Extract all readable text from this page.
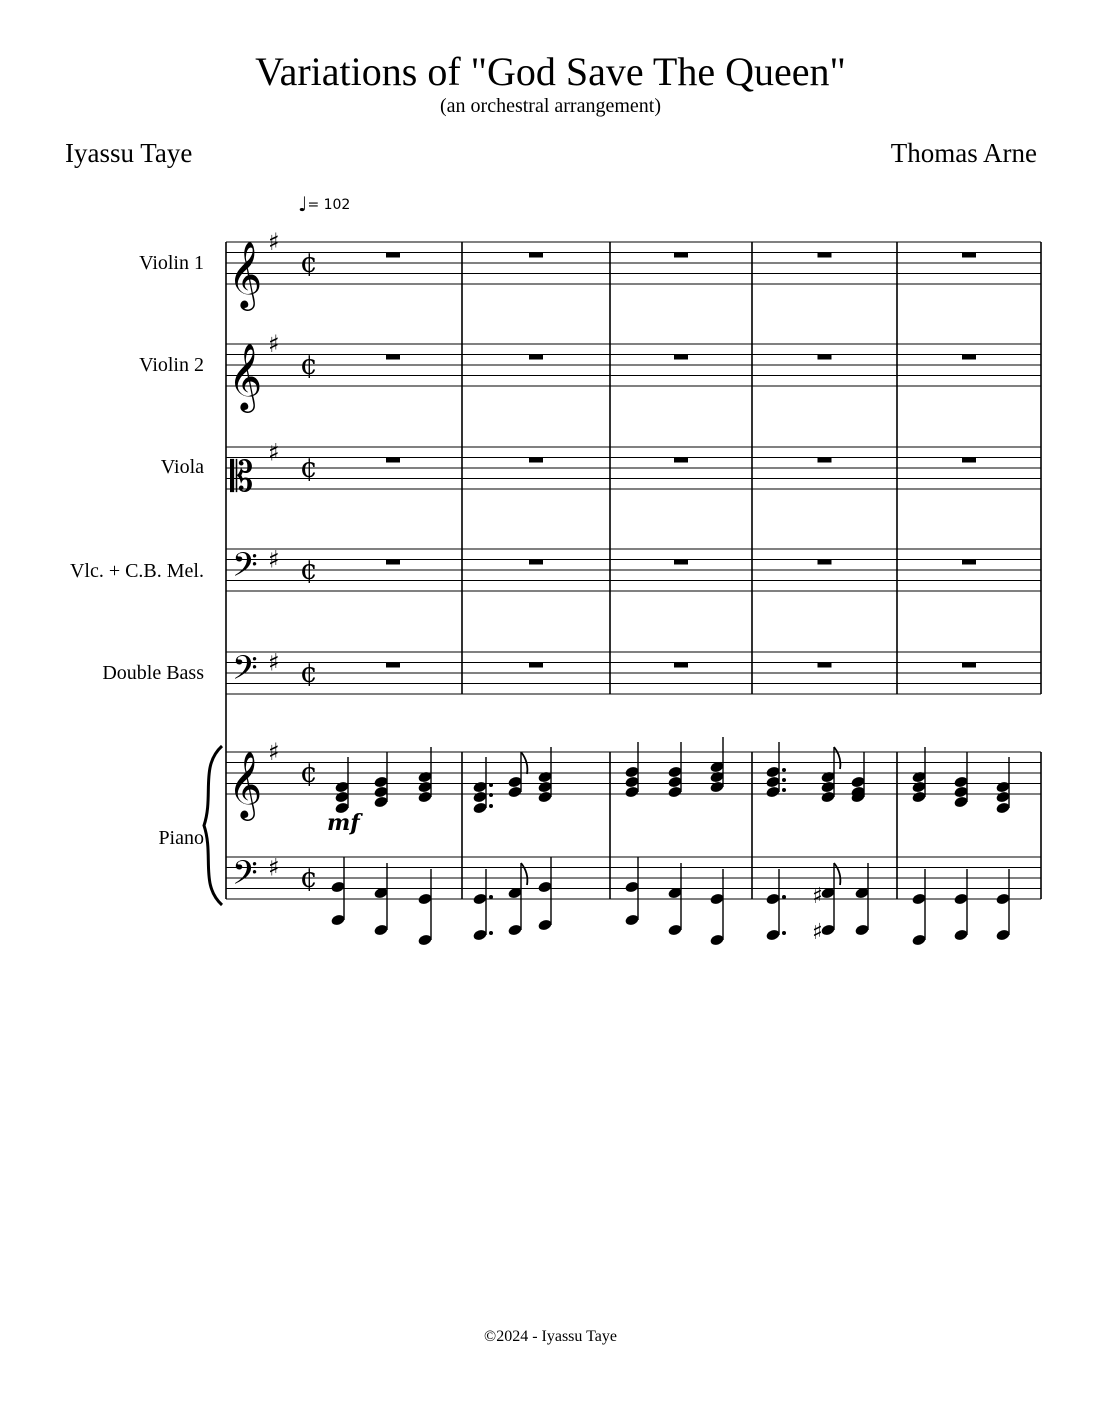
Variations of "God Save The Queen"
(an orchestral arrangement)
Iyassu Taye	Thomas Arne
♩= 102
Violin 1
Violin 2
Viola
Vlc. + C.B. Mel.
Double Bass
Piano
𝄞 ♯
¢
𝄞 ♯
¢
𝄡 ♯ ¢
𝄢 ♯ ¢
𝄢 ♯ ¢
𝄞 ♯
¢
𝄢 ♯ ¢
♯
♯
mf
©2024 - Iyassu Taye
